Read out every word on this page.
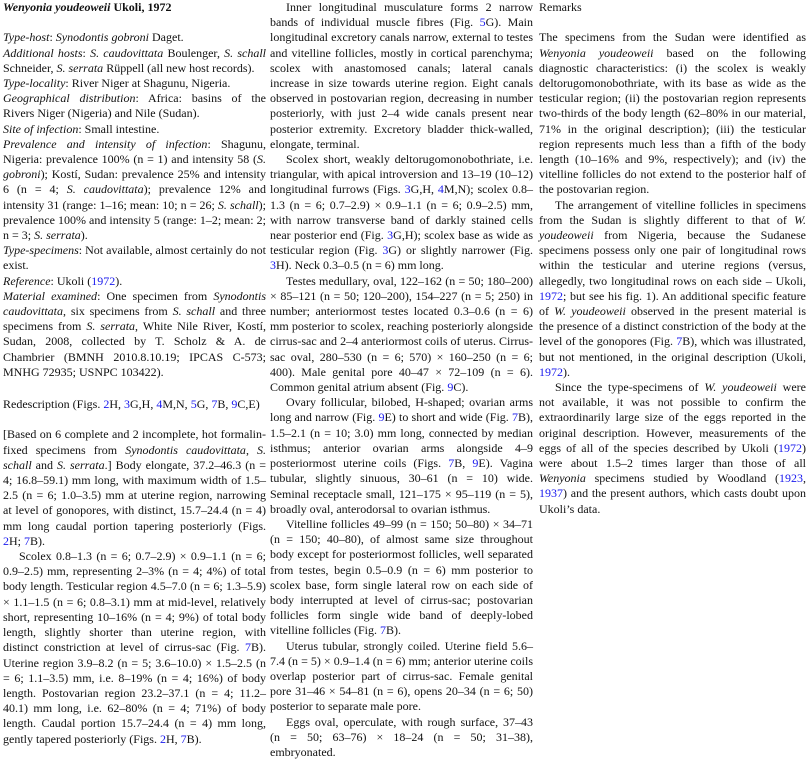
Wenyonia youdeoweii Ukoli, 1972

Type-host: Synodontis gobroni Daget.

Additional hosts: S. caudovittata Boulenger, S. schall Schneider, S. serrata Rüppell (all new host records).

Type-locality: River Niger at Shagunu, Nigeria.

Geographical distribution: Africa: basins of the Rivers Niger (Nigeria) and Nile (Sudan).

Site of infection: Small intestine.

Prevalence and intensity of infection: Shagunu, Nigeria: prevalence 100% (n = 1) and intensity 58 (S. gobroni); Kostí, Sudan: prevalence 25% and intensity 6 (n = 4; S. caudovittata); prevalence 12% and intensity 31 (range: 1–16; mean: 10; n = 26; S. schall); prevalence 100% and intensity 5 (range: 1–2; mean: 2; n = 3; S. serrata).

Type-specimens: Not available, almost certainly do not exist.

Reference: Ukoli (1972).

Material examined: One specimen from Synodontis caudovittata, six specimens from S. schall and three specimens from S. serrata, White Nile River, Kostí, Sudan, 2008, collected by T. Scholz & A. de Chambrier (BMNH 2010.8.10.19; IPCAS C-573; MNHG 72935; USNPC 103422).

Redescription (Figs. 2H, 3G,H, 4M,N, 5G, 7B, 9C,E)

[Based on 6 complete and 2 incomplete, hot formalin-fixed specimens from Synodontis caudovittata, S. schall and S. serrata.] Body elongate, 37.2–46.3 (n = 4; 16.8–59.1) mm long, with maximum width of 1.5–2.5 (n = 6; 1.0–3.5) mm at uterine region, narrowing at level of gonopores, with distinct, 15.7–24.4 (n = 4) mm long caudal portion tapering posteriorly (Figs. 2H; 7B).

Scolex 0.8–1.3 (n = 6; 0.7–2.9) × 0.9–1.1 (n = 6; 0.9–2.5) mm, representing 2–3% (n = 4; 4%) of total body length. Testicular region 4.5–7.0 (n = 6; 1.3–5.9) × 1.1–1.5 (n = 6; 0.8–3.1) mm at mid-level, relatively short, representing 10–16% (n = 4; 9%) of total body length, slightly shorter than uterine region, with distinct constriction at level of cirrus-sac (Fig. 7B). Uterine region 3.9–8.2 (n = 5; 3.6–10.0) × 1.5–2.5 (n = 6; 1.1–3.5) mm, i.e. 8–19% (n = 4; 16%) of body length. Postovarian region 23.2–37.1 (n = 4; 11.2–40.1) mm long, i.e. 62–80% (n = 4; 71%) of body length. Caudal portion 15.7–24.4 (n = 4) mm long, gently tapered posteriorly (Figs. 2H, 7B).

Inner longitudinal musculature forms 2 narrow bands of individual muscle fibres (Fig. 5G). Main longitudinal excretory canals narrow, external to testes and vitelline follicles, mostly in cortical parenchyma; scolex with anastomosed canals; lateral canals increase in size towards uterine region. Eight canals observed in postovarian region, decreasing in number posteriorly, with just 2–4 wide canals present near posterior extremity. Excretory bladder thick-walled, elongate, terminal.

Scolex short, weakly deltorugomonobothriate, i.e. triangular, with apical introversion and 13–19 (10–12) longitudinal furrows (Figs. 3G,H, 4M,N); scolex 0.8–1.3 (n = 6; 0.7–2.9) × 0.9–1.1 (n = 6; 0.9–2.5) mm, with narrow transverse band of darkly stained cells near posterior end (Fig. 3G,H); scolex base as wide as testicular region (Fig. 3G) or slightly narrower (Fig. 3H). Neck 0.3–0.5 (n = 6) mm long.

Testes medullary, oval, 122–162 (n = 50; 180–200) × 85–121 (n = 50; 120–200), 154–227 (n = 5; 250) in number; anteriormost testes located 0.3–0.6 (n = 6) mm posterior to scolex, reaching posteriorly alongside cirrus-sac and 2–4 anteriormost coils of uterus. Cirrus-sac oval, 280–530 (n = 6; 570) × 160–250 (n = 6; 400). Male genital pore 40–47 × 72–109 (n = 6). Common genital atrium absent (Fig. 9C).

Ovary follicular, bilobed, H-shaped; ovarian arms long and narrow (Fig. 9E) to short and wide (Fig. 7B), 1.5–2.1 (n = 10; 3.0) mm long, connected by median isthmus; anterior ovarian arms alongside 4–9 posteriormost uterine coils (Figs. 7B, 9E). Vagina tubular, slightly sinuous, 30–61 (n = 10) wide. Seminal receptacle small, 121–175 × 95–119 (n = 5), broadly oval, anterodorsal to ovarian isthmus.

Vitelline follicles 49–99 (n = 150; 50–80) × 34–71 (n = 150; 40–80), of almost same size throughout body except for posteriormost follicles, well separated from testes, begin 0.5–0.9 (n = 6) mm posterior to scolex base, form single lateral row on each side of body interrupted at level of cirrus-sac; postovarian follicles form single wide band of deeply-lobed vitelline follicles (Fig. 7B).

Uterus tubular, strongly coiled. Uterine field 5.6–7.4 (n = 5) × 0.9–1.4 (n = 6) mm; anterior uterine coils overlap posterior part of cirrus-sac. Female genital pore 31–46 × 54–81 (n = 6), opens 20–34 (n = 6; 50) posterior to separate male pore.

Eggs oval, operculate, with rough surface, 37–43 (n = 50; 63–76) × 18–24 (n = 50; 31–38), embryonated.

Remarks

The specimens from the Sudan were identified as Wenyonia youdeoweii based on the following diagnostic characteristics: (i) the scolex is weakly deltorugomonobothriate, with its base as wide as the testicular region; (ii) the postovarian region represents two-thirds of the body length (62–80% in our material, 71% in the original description); (iii) the testicular region represents much less than a fifth of the body length (10–16% and 9%, respectively); and (iv) the vitelline follicles do not extend to the posterior half of the postovarian region.

The arrangement of vitelline follicles in specimens from the Sudan is slightly different to that of W. youdeoweii from Nigeria, because the Sudanese specimens possess only one pair of longitudinal rows within the testicular and uterine regions (versus, allegedly, two longitudinal rows on each side – Ukoli, 1972; but see his fig. 1). An additional specific feature of W. youdeoweii observed in the present material is the presence of a distinct constriction of the body at the level of the gonopores (Fig. 7B), which was illustrated, but not mentioned, in the original description (Ukoli, 1972).

Since the type-specimens of W. youdeoweii were not available, it was not possible to confirm the extraordinarily large size of the eggs reported in the original description. However, measurements of the eggs of all of the species described by Ukoli (1972) were about 1.5–2 times larger than those of all Wenyonia specimens studied by Woodland (1923, 1937) and the present authors, which casts doubt upon Ukoli’s data.
